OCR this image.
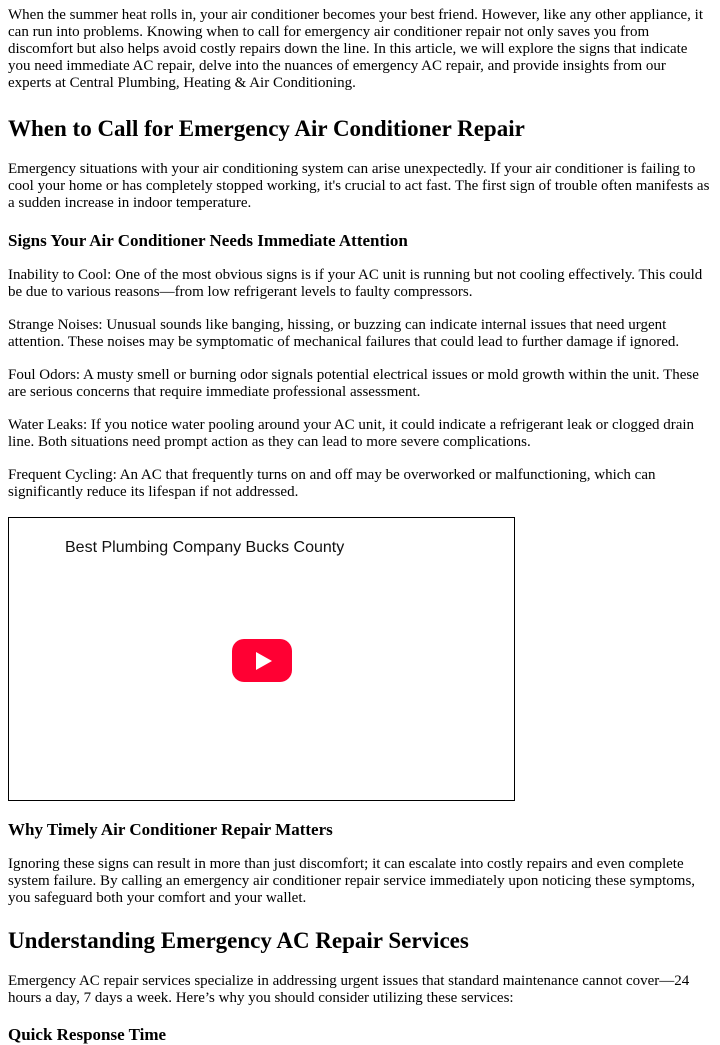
When the summer heat rolls in, your air conditioner becomes your best friend. However, like any other appliance, it can run into problems. Knowing when to call for emergency air conditioner repair not only saves you from discomfort but also helps avoid costly repairs down the line. In this article, we will explore the signs that indicate you need immediate AC repair, delve into the nuances of emergency AC repair, and provide insights from our experts at Central Plumbing, Heating & Air Conditioning.

When to Call for Emergency Air Conditioner Repair

Emergency situations with your air conditioning system can arise unexpectedly. If your air conditioner is failing to cool your home or has completely stopped working, it's crucial to act fast. The first sign of trouble often manifests as a sudden increase in indoor temperature.

Signs Your Air Conditioner Needs Immediate Attention

Inability to Cool: One of the most obvious signs is if your AC unit is running but not cooling effectively. This could be due to various reasons—from low refrigerant levels to faulty compressors.

Strange Noises: Unusual sounds like banging, hissing, or buzzing can indicate internal issues that need urgent attention. These noises may be symptomatic of mechanical failures that could lead to further damage if ignored.

Foul Odors: A musty smell or burning odor signals potential electrical issues or mold growth within the unit. These are serious concerns that require immediate professional assessment.

Water Leaks: If you notice water pooling around your AC unit, it could indicate a refrigerant leak or clogged drain line. Both situations need prompt action as they can lead to more severe complications.

Frequent Cycling: An AC that frequently turns on and off may be overworked or malfunctioning, which can significantly reduce its lifespan if not addressed.

Best Plumbing Company Bucks County
Why Timely Air Conditioner Repair Matters

Ignoring these signs can result in more than just discomfort; it can escalate into costly repairs and even complete system failure. By calling an emergency air conditioner repair service immediately upon noticing these symptoms, you safeguard both your comfort and your wallet.

Understanding Emergency AC Repair Services

Emergency AC repair services specialize in addressing urgent issues that standard maintenance cannot cover—24 hours a day, 7 days a week. Here’s why you should consider utilizing these services:

Quick Response Time
